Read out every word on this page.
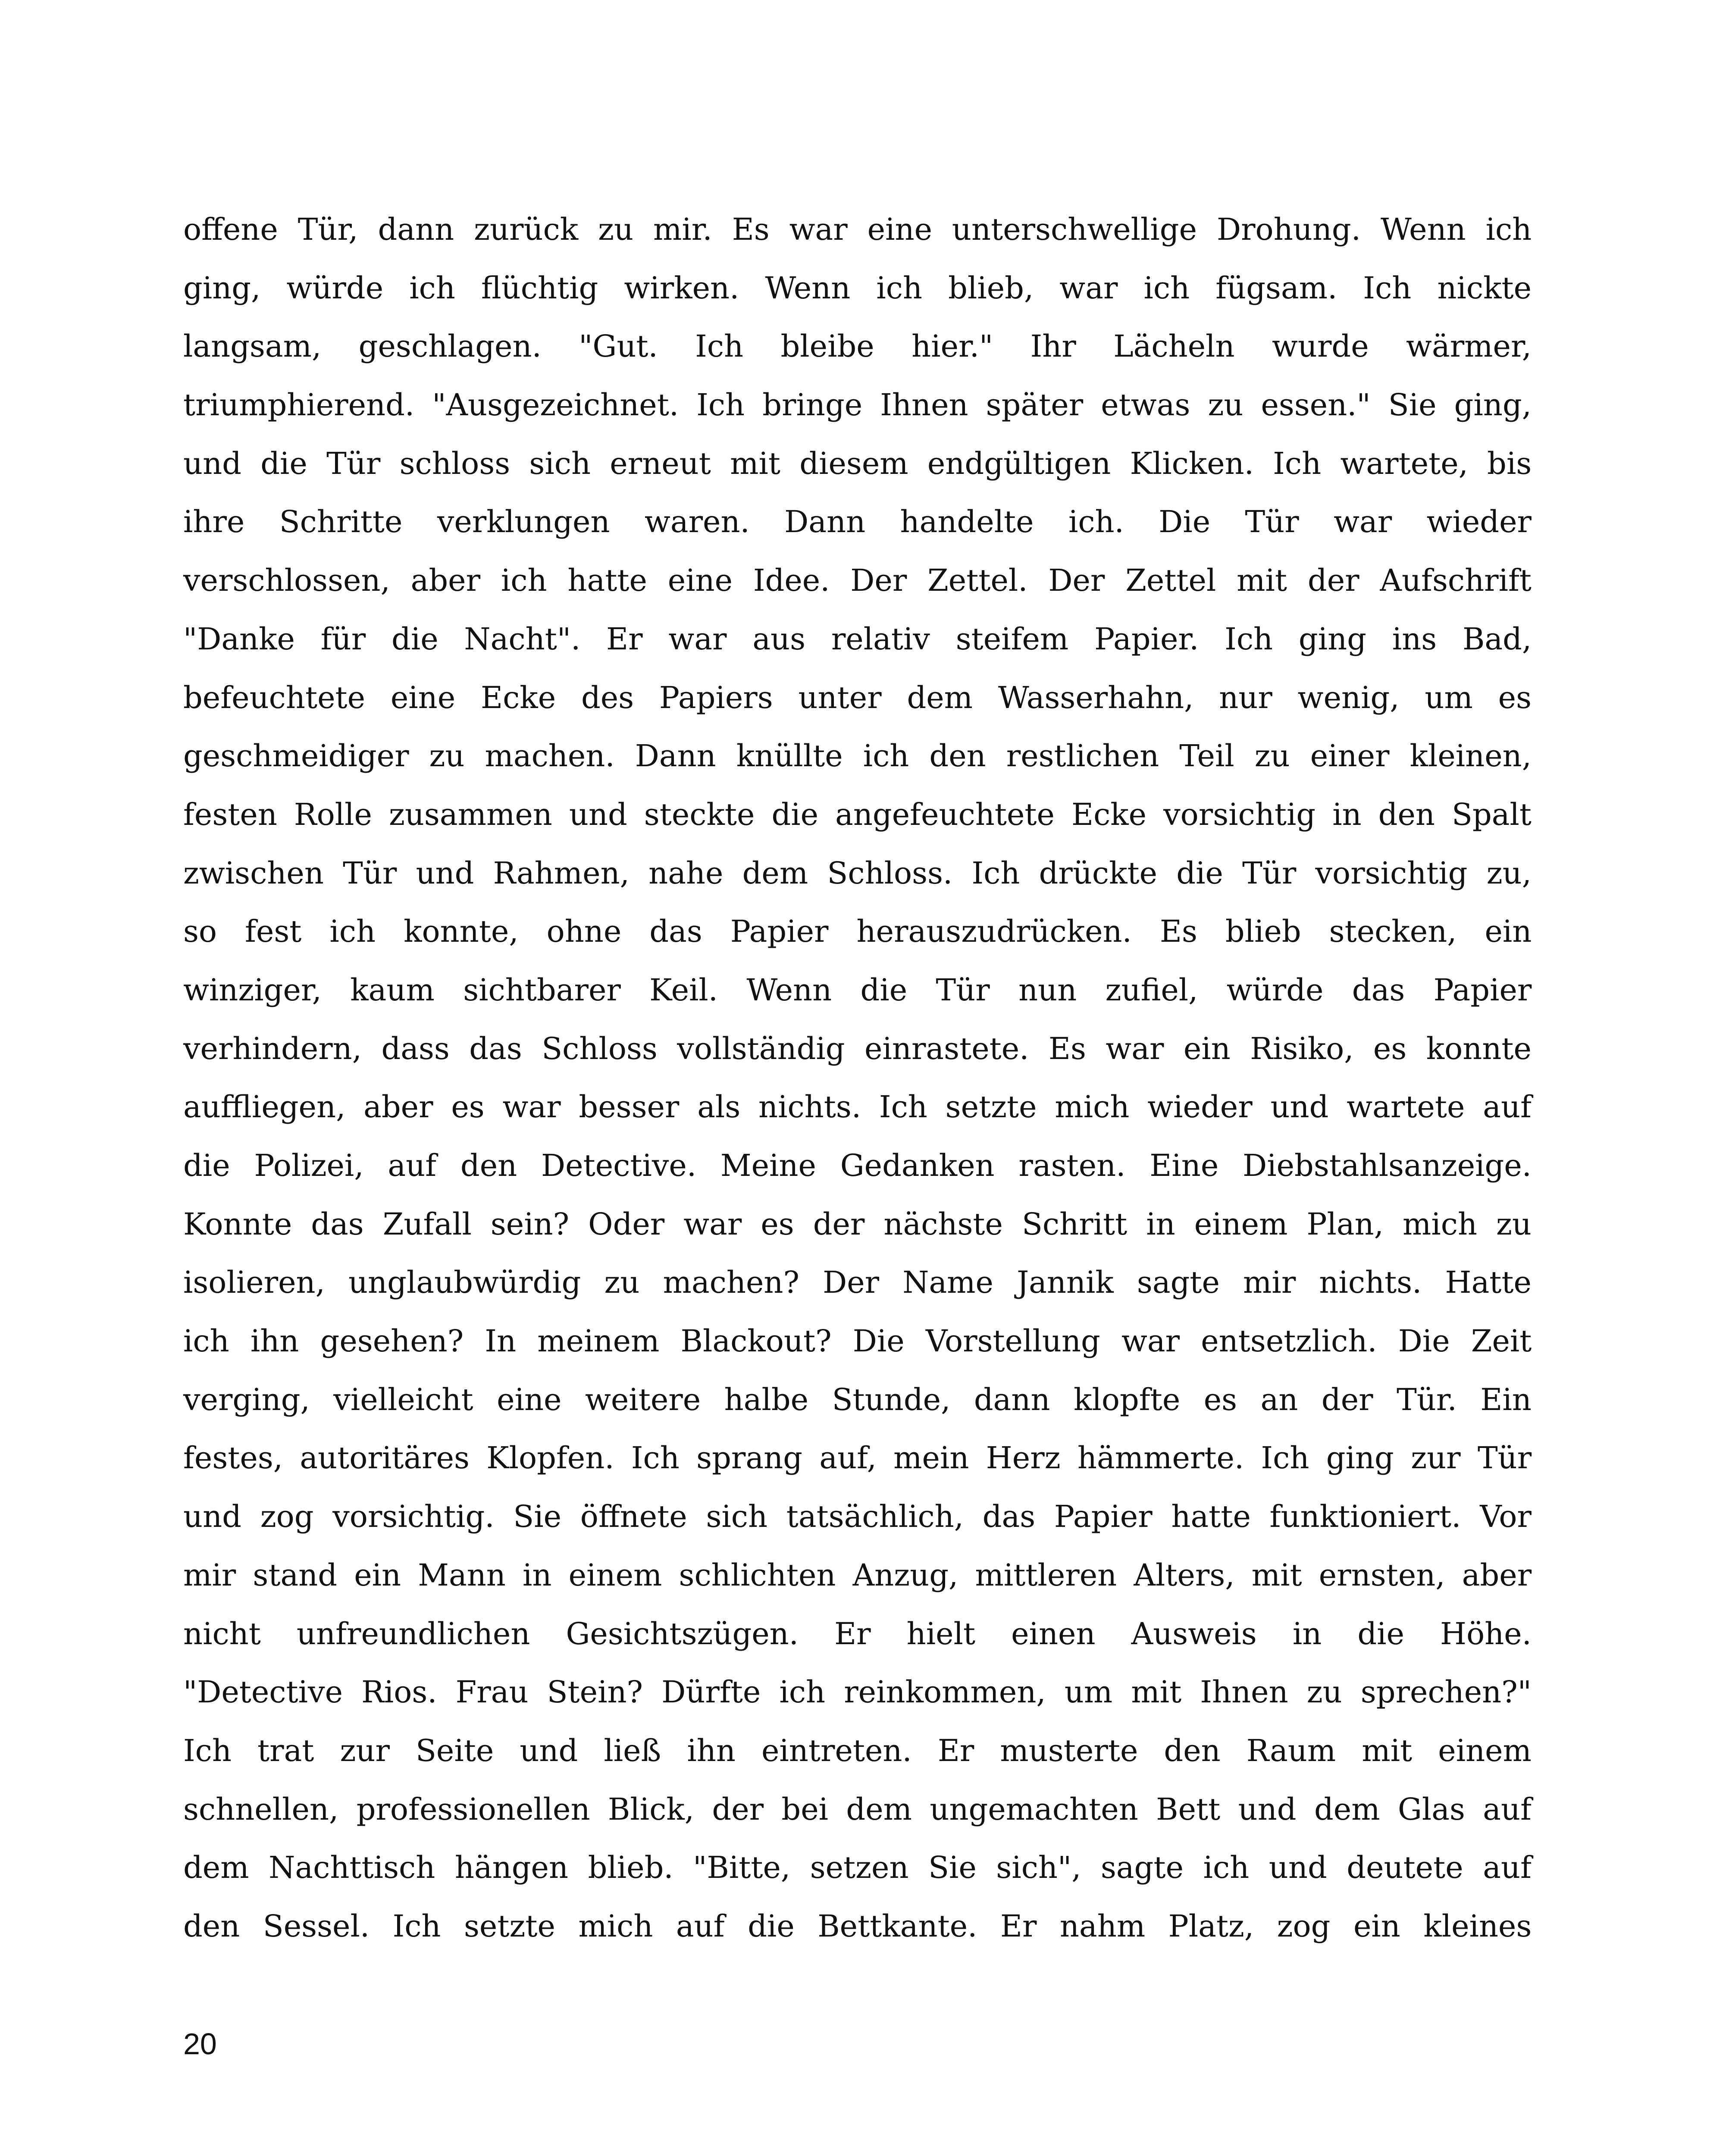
offene Tür, dann zurück zu mir. Es war eine unterschwellige Drohung. Wenn ich
ging, würde ich flüchtig wirken. Wenn ich blieb, war ich fügsam. Ich nickte
langsam, geschlagen. "Gut. Ich bleibe hier." Ihr Lächeln wurde wärmer,
triumphierend. "Ausgezeichnet. Ich bringe Ihnen später etwas zu essen." Sie ging,
und die Tür schloss sich erneut mit diesem endgültigen Klicken. Ich wartete, bis
ihre Schritte verklungen waren. Dann handelte ich. Die Tür war wieder
verschlossen, aber ich hatte eine Idee. Der Zettel. Der Zettel mit der Aufschrift
"Danke für die Nacht". Er war aus relativ steifem Papier. Ich ging ins Bad,
befeuchtete eine Ecke des Papiers unter dem Wasserhahn, nur wenig, um es
geschmeidiger zu machen. Dann knüllte ich den restlichen Teil zu einer kleinen,
festen Rolle zusammen und steckte die angefeuchtete Ecke vorsichtig in den Spalt
zwischen Tür und Rahmen, nahe dem Schloss. Ich drückte die Tür vorsichtig zu,
so fest ich konnte, ohne das Papier herauszudrücken. Es blieb stecken, ein
winziger, kaum sichtbarer Keil. Wenn die Tür nun zufiel, würde das Papier
verhindern, dass das Schloss vollständig einrastete. Es war ein Risiko, es konnte
auffliegen, aber es war besser als nichts. Ich setzte mich wieder und wartete auf
die Polizei, auf den Detective. Meine Gedanken rasten. Eine Diebstahlsanzeige.
Konnte das Zufall sein? Oder war es der nächste Schritt in einem Plan, mich zu
isolieren, unglaubwürdig zu machen? Der Name Jannik sagte mir nichts. Hatte
ich ihn gesehen? In meinem Blackout? Die Vorstellung war entsetzlich. Die Zeit
verging, vielleicht eine weitere halbe Stunde, dann klopfte es an der Tür. Ein
festes, autoritäres Klopfen. Ich sprang auf, mein Herz hämmerte. Ich ging zur Tür
und zog vorsichtig. Sie öffnete sich tatsächlich, das Papier hatte funktioniert. Vor
mir stand ein Mann in einem schlichten Anzug, mittleren Alters, mit ernsten, aber
nicht unfreundlichen Gesichtszügen. Er hielt einen Ausweis in die Höhe.
"Detective Rios. Frau Stein? Dürfte ich reinkommen, um mit Ihnen zu sprechen?"
Ich trat zur Seite und ließ ihn eintreten. Er musterte den Raum mit einem
schnellen, professionellen Blick, der bei dem ungemachten Bett und dem Glas auf
dem Nachttisch hängen blieb. "Bitte, setzen Sie sich", sagte ich und deutete auf
den Sessel. Ich setzte mich auf die Bettkante. Er nahm Platz, zog ein kleines
20
